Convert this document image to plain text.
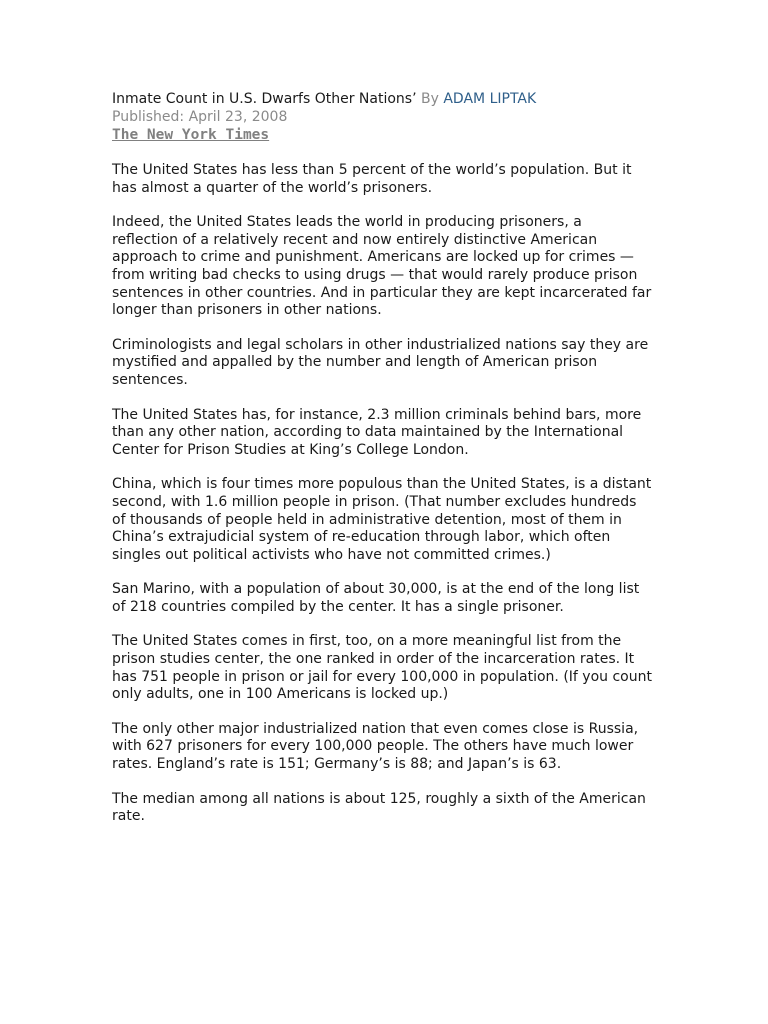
Inmate Count in U.S. Dwarfs Other Nations’ By ADAM LIPTAK

Published: April 23, 2008

The New York Times

The United States has less than 5 percent of the world’s population. But it has almost a quarter of the world’s prisoners.

Indeed, the United States leads the world in producing prisoners, a reflection of a relatively recent and now entirely distinctive American approach to crime and punishment. Americans are locked up for crimes — from writing bad checks to using drugs — that would rarely produce prison sentences in other countries. And in particular they are kept incarcerated far longer than prisoners in other nations.

Criminologists and legal scholars in other industrialized nations say they are mystified and appalled by the number and length of American prison sentences.

The United States has, for instance, 2.3 million criminals behind bars, more than any other nation, according to data maintained by the International Center for Prison Studies at King’s College London.

China, which is four times more populous than the United States, is a distant second, with 1.6 million people in prison. (That number excludes hundreds of thousands of people held in administrative detention, most of them in China’s extrajudicial system of re-education through labor, which often singles out political activists who have not committed crimes.)

San Marino, with a population of about 30,000, is at the end of the long list of 218 countries compiled by the center. It has a single prisoner.

The United States comes in first, too, on a more meaningful list from the prison studies center, the one ranked in order of the incarceration rates. It has 751 people in prison or jail for every 100,000 in population. (If you count only adults, one in 100 Americans is locked up.)

The only other major industrialized nation that even comes close is Russia, with 627 prisoners for every 100,000 people. The others have much lower rates. England’s rate is 151; Germany’s is 88; and Japan’s is 63.

The median among all nations is about 125, roughly a sixth of the American rate.
